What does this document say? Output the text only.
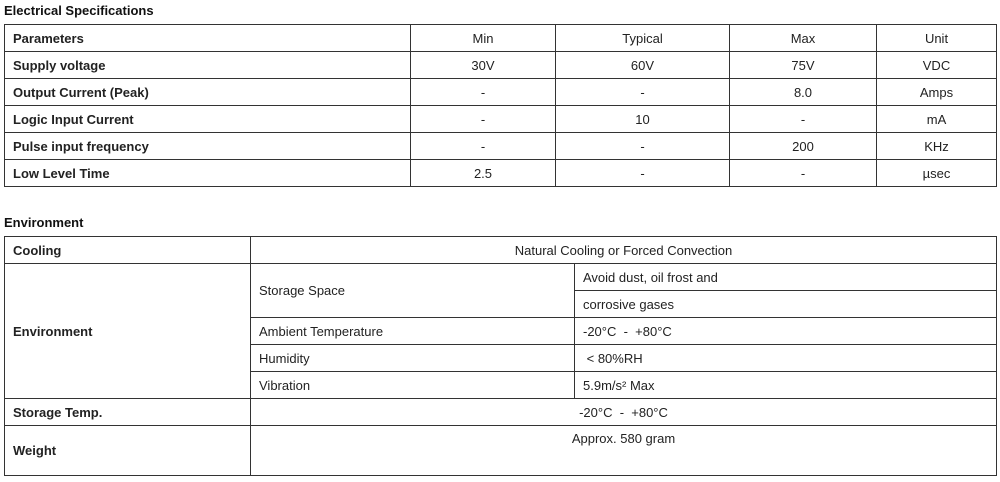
Electrical Specifications
Parameters	Min	Typical	Max	Unit
Supply voltage	30V	60V	75V	VDC
Output Current (Peak)	-	-	8.0	Amps
Logic Input Current	-	10	-	mA
Pulse input frequency	-	-	200	KHz
Low Level Time	2.5	-	-	µsec
Environment
Cooling	Natural Cooling or Forced Convection	
Environment	Storage Space	Avoid dust, oil frost and
		corrosive gases
	Ambient Temperature	-20°C  -  +80°C
	Humidity	< 80%RH
	Vibration	5.9m/s² Max
Storage Temp.	-20°C  -  +80°C	
Weight	Approx. 580 gram	
